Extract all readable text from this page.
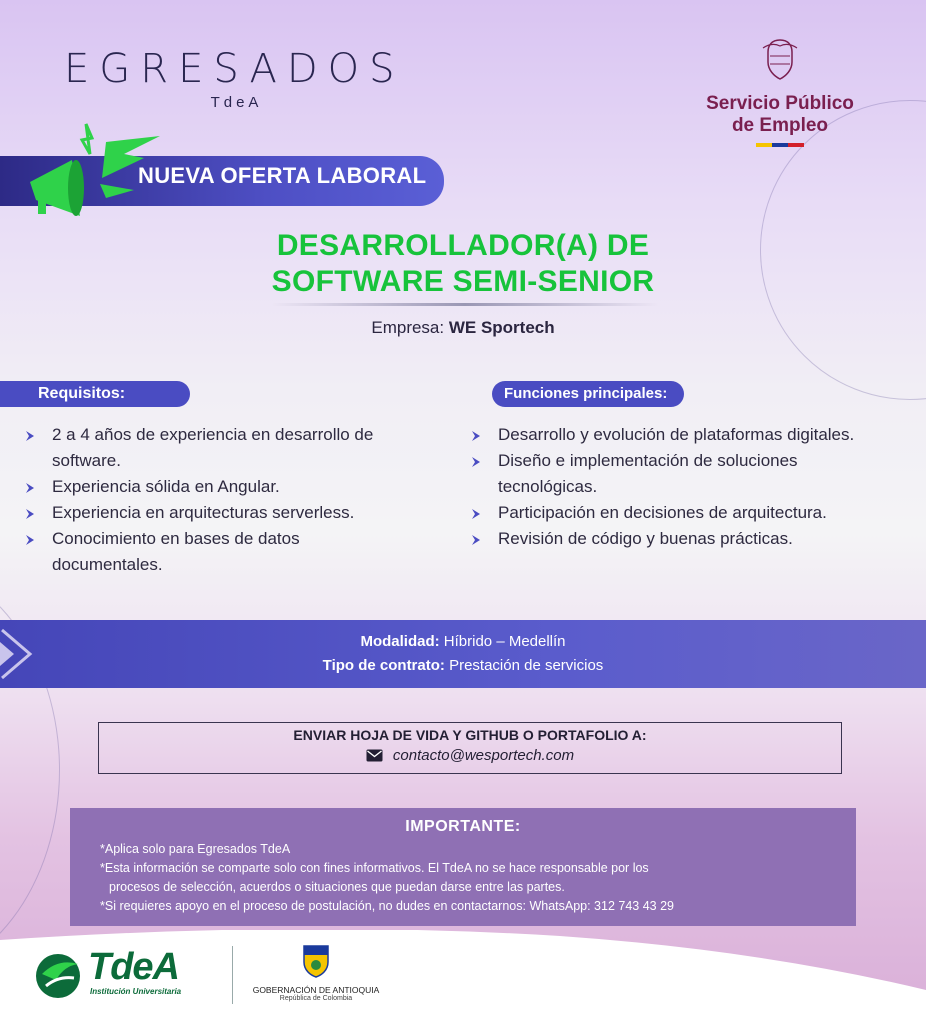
EGRESADOS
TdeA	Servicio Público
de Empleo
NUEVA OFERTA LABORAL
DESARROLLADOR(A) DE
SOFTWARE SEMI-SENIOR
Empresa: WE Sportech
Requisitos:
2 a 4 años de experiencia en desarrollo de software.
Experiencia sólida en Angular.
Experiencia en arquitecturas serverless.
Conocimiento en bases de datos documentales.
Funciones principales:
Desarrollo y evolución de plataformas digitales.
Diseño e implementación de soluciones tecnológicas.
Participación en decisiones de arquitectura.
Revisión de código y buenas prácticas.
Modalidad: Híbrido – Medellín
Tipo de contrato: Prestación de servicios
ENVIAR HOJA DE VIDA Y GITHUB O PORTAFOLIO A:
contacto@wesportech.com
IMPORTANTE:
*Aplica solo para Egresados TdeA
*Esta información se comparte solo con fines informativos. El TdeA no se hace responsable por los
procesos de selección, acuerdos o situaciones que puedan darse entre las partes.
*Si requieres apoyo en el proceso de postulación, no dudes en contactarnos: WhatsApp: 312 743 43 29
TdeA
Institución Universitaria	GOBERNACIÓN DE ANTIOQUIA
República de Colombia
